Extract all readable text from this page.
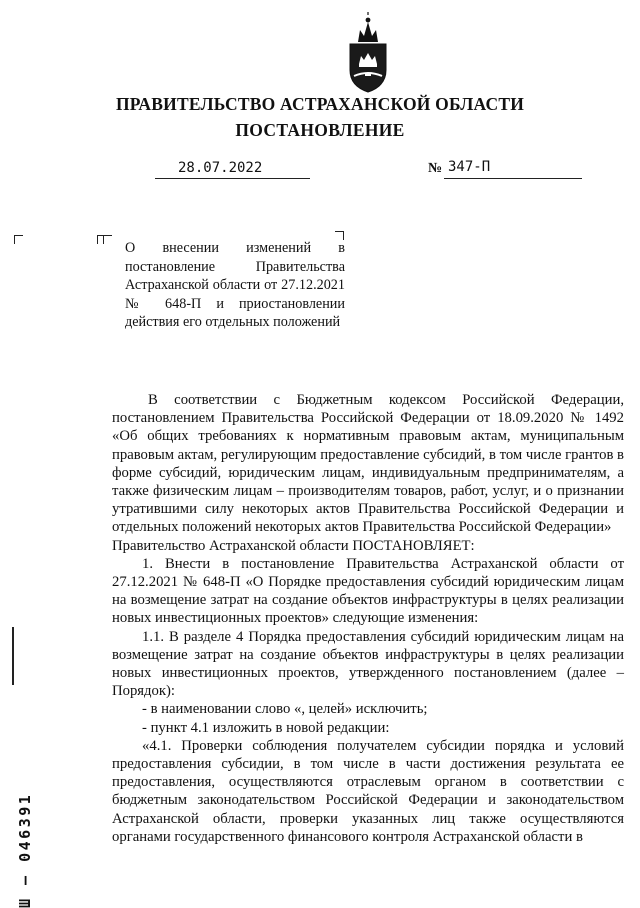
ПРАВИТЕЛЬСТВО АСТРАХАНСКОЙ ОБЛАСТИ
ПОСТАНОВЛЕНИЕ
28.07.2022	№ 347-П
О внесении изменений в постановление Правительства Астраханской области от 27.12.2021 № 648-П и приостановлении действия его отдельных положений

В соответствии с Бюджетным кодексом Российской Федерации, постановлением Правительства Российской Федерации от 18.09.2020 № 1492 «Об общих требованиях к нормативным правовым актам, муниципальным правовым актам, регулирующим предоставление субсидий, в том числе грантов в форме субсидий, юридическим лицам, индивидуальным предпринимателям, а также физическим лицам – производителям товаров, работ, услуг, и о признании утратившими силу некоторых актов Правительства Российской Федерации и отдельных положений некоторых актов Правительства Российской Федерации»

Правительство Астраханской области ПОСТАНОВЛЯЕТ:

1. Внести в постановление Правительства Астраханской области от 27.12.2021 № 648-П «О Порядке предоставления субсидий юридическим лицам на возмещение затрат на создание объектов инфраструктуры в целях реализации новых инвестиционных проектов» следующие изменения:

1.1. В разделе 4 Порядка предоставления субсидий юридическим лицам на возмещение затрат на создание объектов инфраструктуры в целях реализации новых инвестиционных проектов, утвержденного постановлением (далее – Порядок):

- в наименовании слово «, целей» исключить;

- пункт 4.1 изложить в новой редакции:

«4.1. Проверки соблюдения получателем субсидии порядка и условий предоставления субсидии, в том числе в части достижения результата ее предоставления, осуществляются отраслевым органом в соответствии с бюджетным законодательством Российской Федерации и законодательством Астраханской области, проверки указанных лиц также осуществляются органами государственного финансового контроля Астраханской области в

Ш – 046391
